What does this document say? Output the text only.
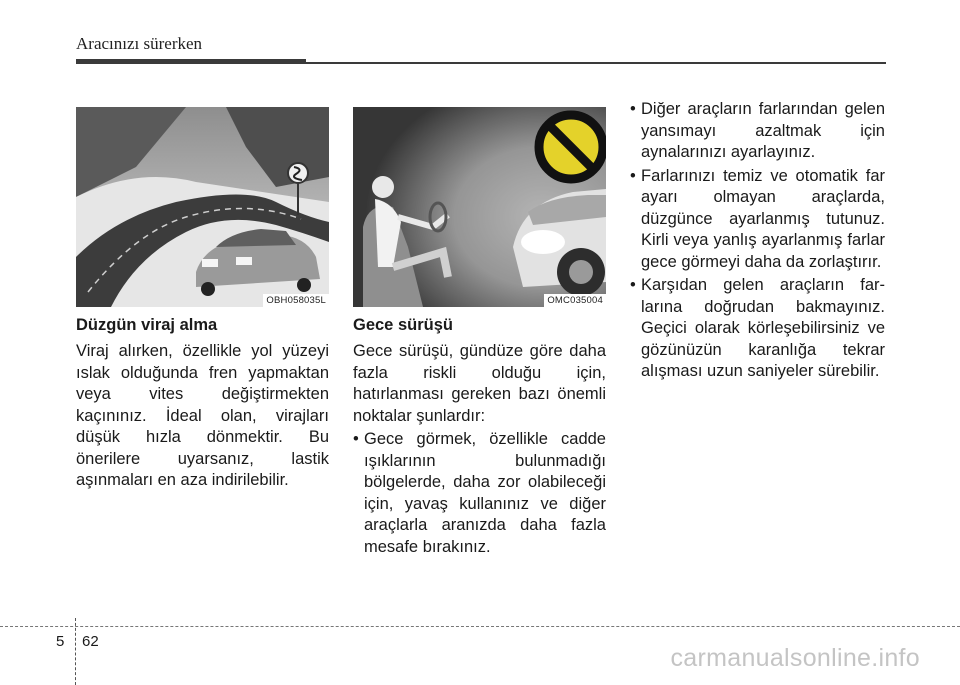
Aracınızı sürerken
OBH058035L	OMC035004
Düzgün viraj alma

Viraj alırken, özellikle yol yüzeyi ıslak olduğunda fren yapmaktan veya vites değiştirmekten kaçınınız. İdeal olan, virajları düşük hızla dönmektir. Bu önerilere uyarsanız, lastik aşınmaları en aza indirilebilir.

Gece sürüşü

Gece sürüşü, gündüze göre daha fazla riskli olduğu için, hatırlanması gereken bazı önemli noktalar şunlardır:

• Gece görmek, özellikle cadde ışıklarının bulunmadığı bölgelerde, daha zor olabileceği için, yavaş kullanınız ve diğer araçlarla aranızda daha fazla mesafe bırakınız.
• Diğer araçların farlarından gelen yansımayı azaltmak için aynalarınızı ayarlayınız.
• Farlarınızı temiz ve otomatik far ayarı olmayan araçlarda, düzgünce ayarlanmış tutunuz. Kirli veya yanlış ayarlanmış farlar gece görmeyi daha da zorlaştırır.
• Karşıdan gelen araçların farlarına doğrudan bakmayınız. Geçici olarak körleşebilirsiniz ve gözünüzün karanlığa tekrar alışması uzun saniyeler sürebilir.
5 62
carmanualsonline.info
